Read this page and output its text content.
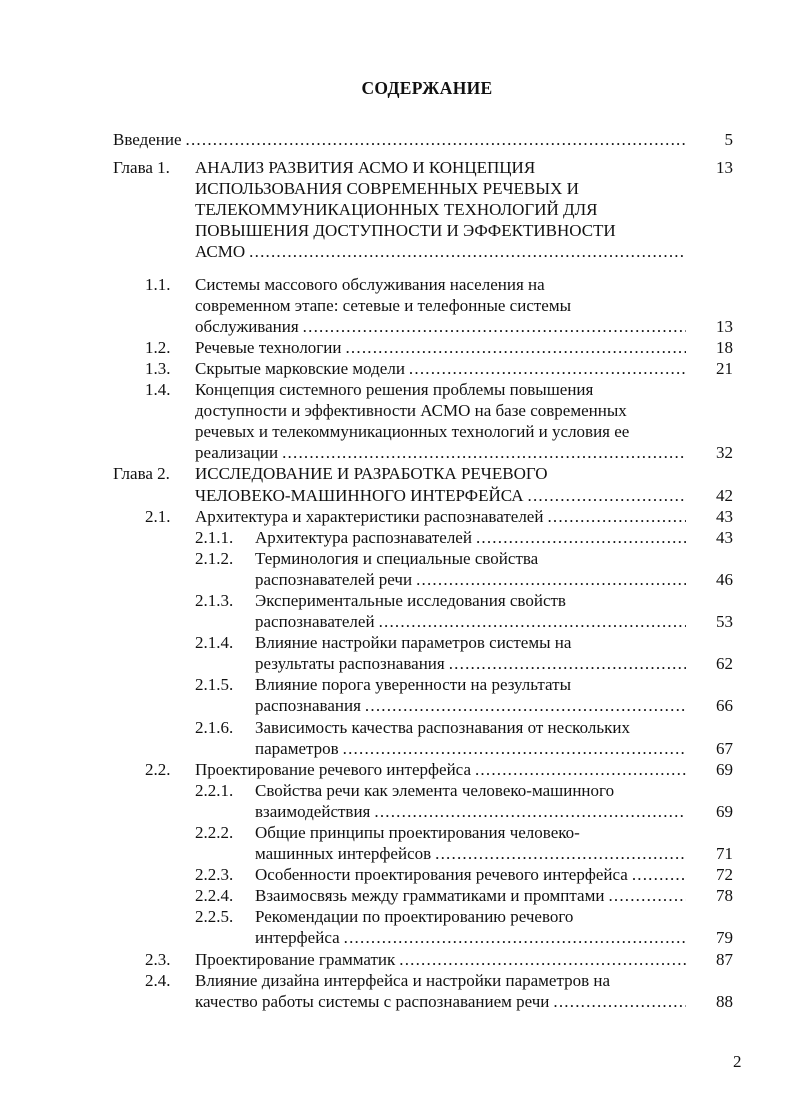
СОДЕРЖАНИЕ
Введение .....	5
Глава 1. АНАЛИЗ РАЗВИТИЯ АСМО И КОНЦЕПЦИЯ	13
ИСПОЛЬЗОВАНИЯ СОВРЕМЕННЫХ РЕЧЕВЫХ И
ТЕЛЕКОММУНИКАЦИОННЫХ ТЕХНОЛОГИЙ ДЛЯ
ПОВЫШЕНИЯ ДОСТУПНОСТИ И ЭФФЕКТИВНОСТИ
АСМО
.....
1.1. Системы массового обслуживания населения на
современном этапе: сетевые и телефонные системы
обслуживания .....	13
1.2. Речевые технологии .....	18
1.3. Скрытые марковские модели .....	21
1.4. Концепция системного решения проблемы повышения
доступности и эффективности АСМО на базе современных
речевых и телекоммуникационных технологий и условия ее
реализации .....	32
Глава 2. ИССЛЕДОВАНИЕ И РАЗРАБОТКА РЕЧЕВОГО
ЧЕЛОВЕКО-МАШИННОГО ИНТЕРФЕЙСА .....	42
2.1. Архитектура и характеристики распознавателей .....	43
2.1.1. Архитектура распознавателей .....	43
2.1.2. Терминология и специальные свойства
распознавателей речи .....	46
2.1.3. Экспериментальные исследования свойств
распознавателей .....	53
2.1.4. Влияние настройки параметров системы на
результаты распознавания .....	62
2.1.5. Влияние порога уверенности на результаты
распознавания .....	66
2.1.6. Зависимость качества распознавания от нескольких
параметров .....	67
2.2. Проектирование речевого интерфейса .....	69
2.2.1. Свойства речи как элемента человеко-машинного
взаимодействия .....	69
2.2.2. Общие принципы проектирования человеко-
машинных интерфейсов .....	71
2.2.3. Особенности проектирования речевого интерфейса .....	72
2.2.4. Взаимосвязь между грамматиками и промптами .....	78
2.2.5. Рекомендации по проектированию речевого
интерфейса .....	79
2.3. Проектирование грамматик .....	87
2.4. Влияние дизайна интерфейса и настройки параметров на
качество работы системы с распознаванием речи .....	88
2
